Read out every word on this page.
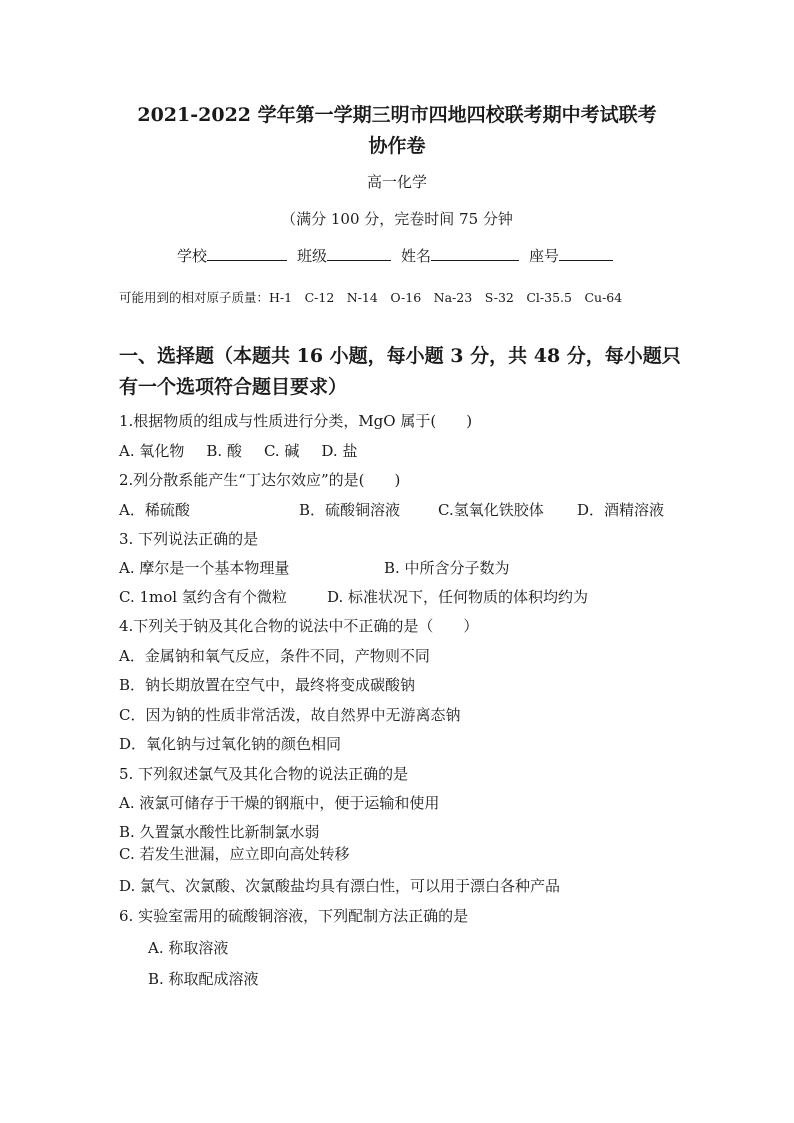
2021-2022 学年第一学期三明市四地四校联考期中考试联考
协作卷
高一化学
（满分 100 分，完卷时间 75 分钟
学校	班级	姓名	座号
可能用到的相对原子质量：H-1　C-12　N-14　O-16　Na-23　S-32　Cl-35.5　Cu-64
一、选择题（本题共 16 小题，每小题 3 分，共 48 分，每小题只
有一个选项符合题目要求）
1.根据物质的组成与性质进行分类，MgO 属于(　　)
A. 氧化物 B. 酸 C. 碱 D. 盐
2.列分散系能产生“丁达尔效应”的是(　　)
A．稀硫酸	B．硫酸铜溶液	C.氢氧化铁胶体 D．酒精溶液
3. 下列说法正确的是
A. 摩尔是一个基本物理量	B. 中所含分子数为
C. 1mol 氢约含有个微粒	D. 标准状况下，任何物质的体积均约为
4.下列关于钠及其化合物的说法中不正确的是（　　）
A．金属钠和氧气反应，条件不同，产物则不同
B．钠长期放置在空气中，最终将变成碳酸钠
C．因为钠的性质非常活泼，故自然界中无游离态钠
D．氧化钠与过氧化钠的颜色相同
5. 下列叙述氯气及其化合物的说法正确的是
A. 液氯可储存于干燥的钢瓶中，便于运输和使用
B. 久置氯水酸性比新制氯水弱
C. 若发生泄漏，应立即向高处转移
D. 氯气、次氯酸、次氯酸盐均具有漂白性，可以用于漂白各种产品
6. 实验室需用的硫酸铜溶液，下列配制方法正确的是
A. 称取溶液
B. 称取配成溶液
